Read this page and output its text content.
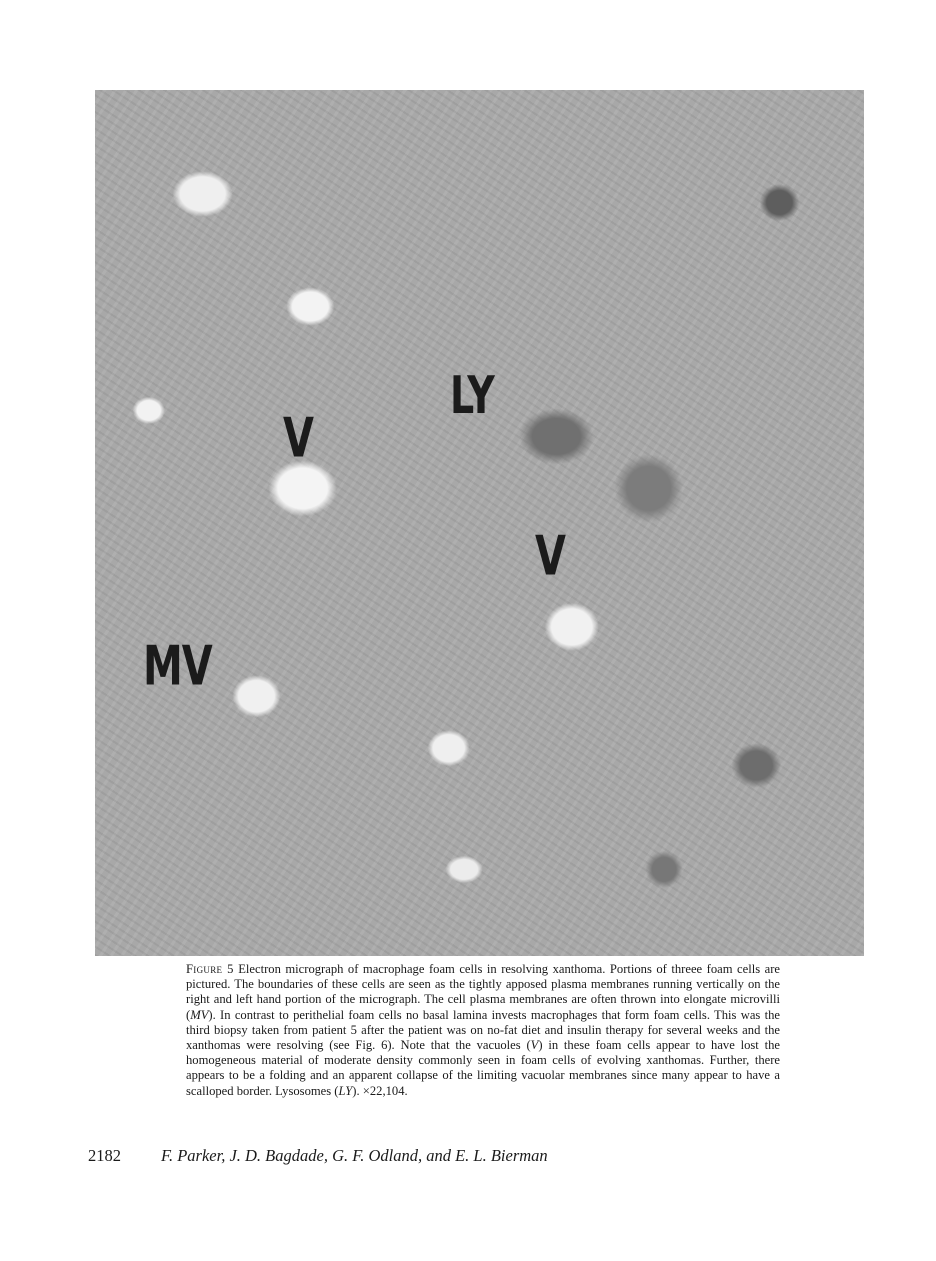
LY
V
V
MV

Figure 5 Electron micrograph of macrophage foam cells in resolving xanthoma. Portions of threee foam cells are pictured. The boundaries of these cells are seen as the tightly apposed plasma membranes running vertically on the right and left hand portion of the micrograph. The cell plasma membranes are often thrown into elongate microvilli (MV). In contrast to perithelial foam cells no basal lamina invests macrophages that form foam cells. This was the third biopsy taken from patient 5 after the patient was on no-fat diet and insulin therapy for several weeks and the xanthomas were resolving (see Fig. 6). Note that the vacuoles (V) in these foam cells appear to have lost the homogeneous material of moderate density commonly seen in foam cells of evolving xanthomas. Further, there appears to be a folding and an apparent collapse of the limiting vacuolar membranes since many appear to have a scalloped border. Lysosomes (LY). ×22,104.

2182 F. Parker, J. D. Bagdade, G. F. Odland, and E. L. Bierman
